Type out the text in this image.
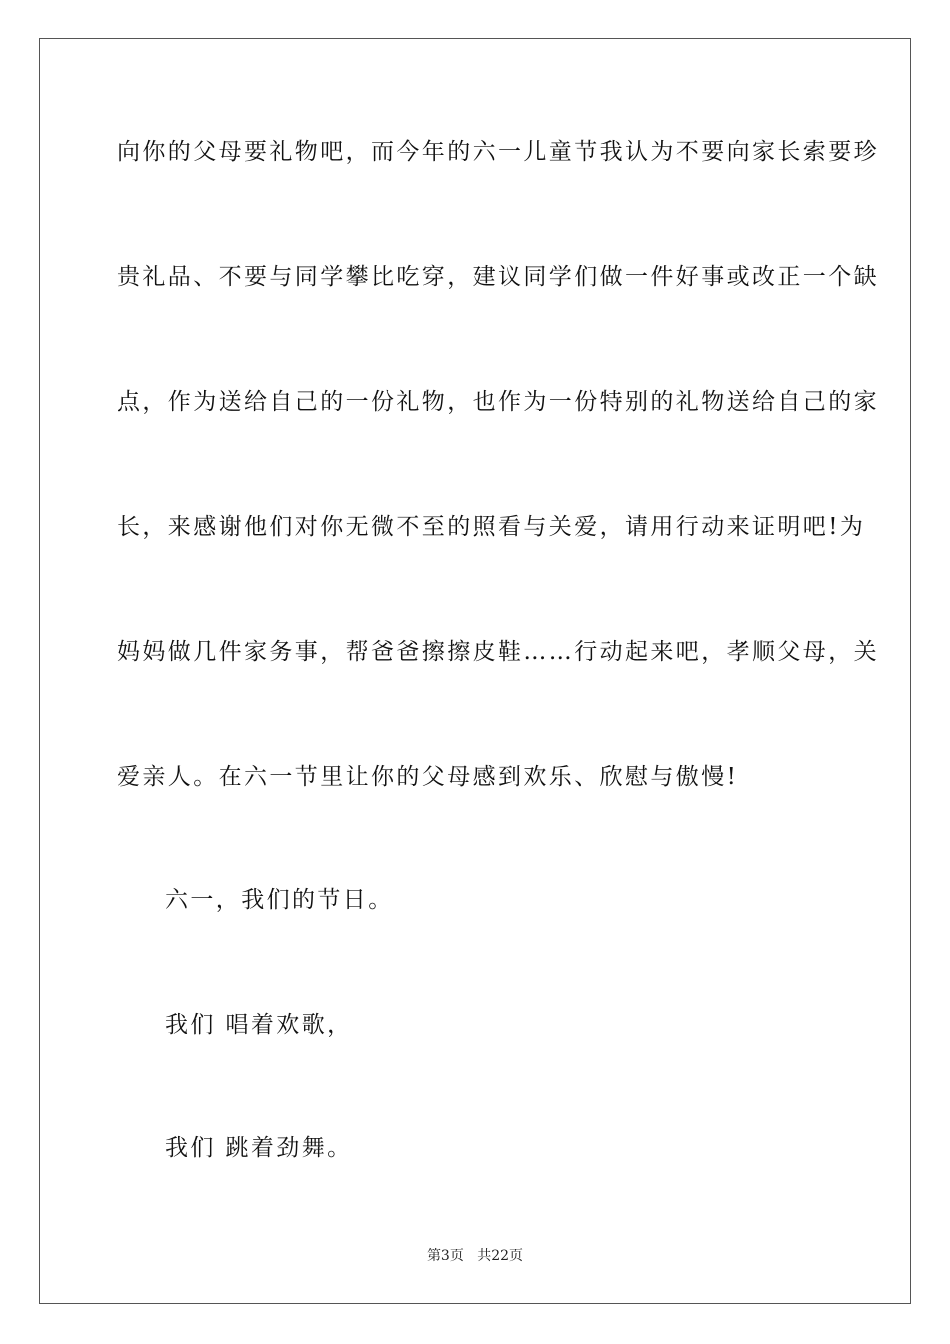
向你的父母要礼物吧，而今年的六一儿童节我认为不要向家长索要珍
贵礼品、不要与同学攀比吃穿，建议同学们做一件好事或改正一个缺
点，作为送给自己的一份礼物，也作为一份特别的礼物送给自己的家
长，来感谢他们对你无微不至的照看与关爱，请用行动来证明吧!为
妈妈做几件家务事，帮爸爸擦擦皮鞋……行动起来吧，孝顺父母，关
爱亲人。在六一节里让你的父母感到欢乐、欣慰与傲慢!
六一，我们的节日。
我们 唱着欢歌，
我们 跳着劲舞。
第3页 共22页
